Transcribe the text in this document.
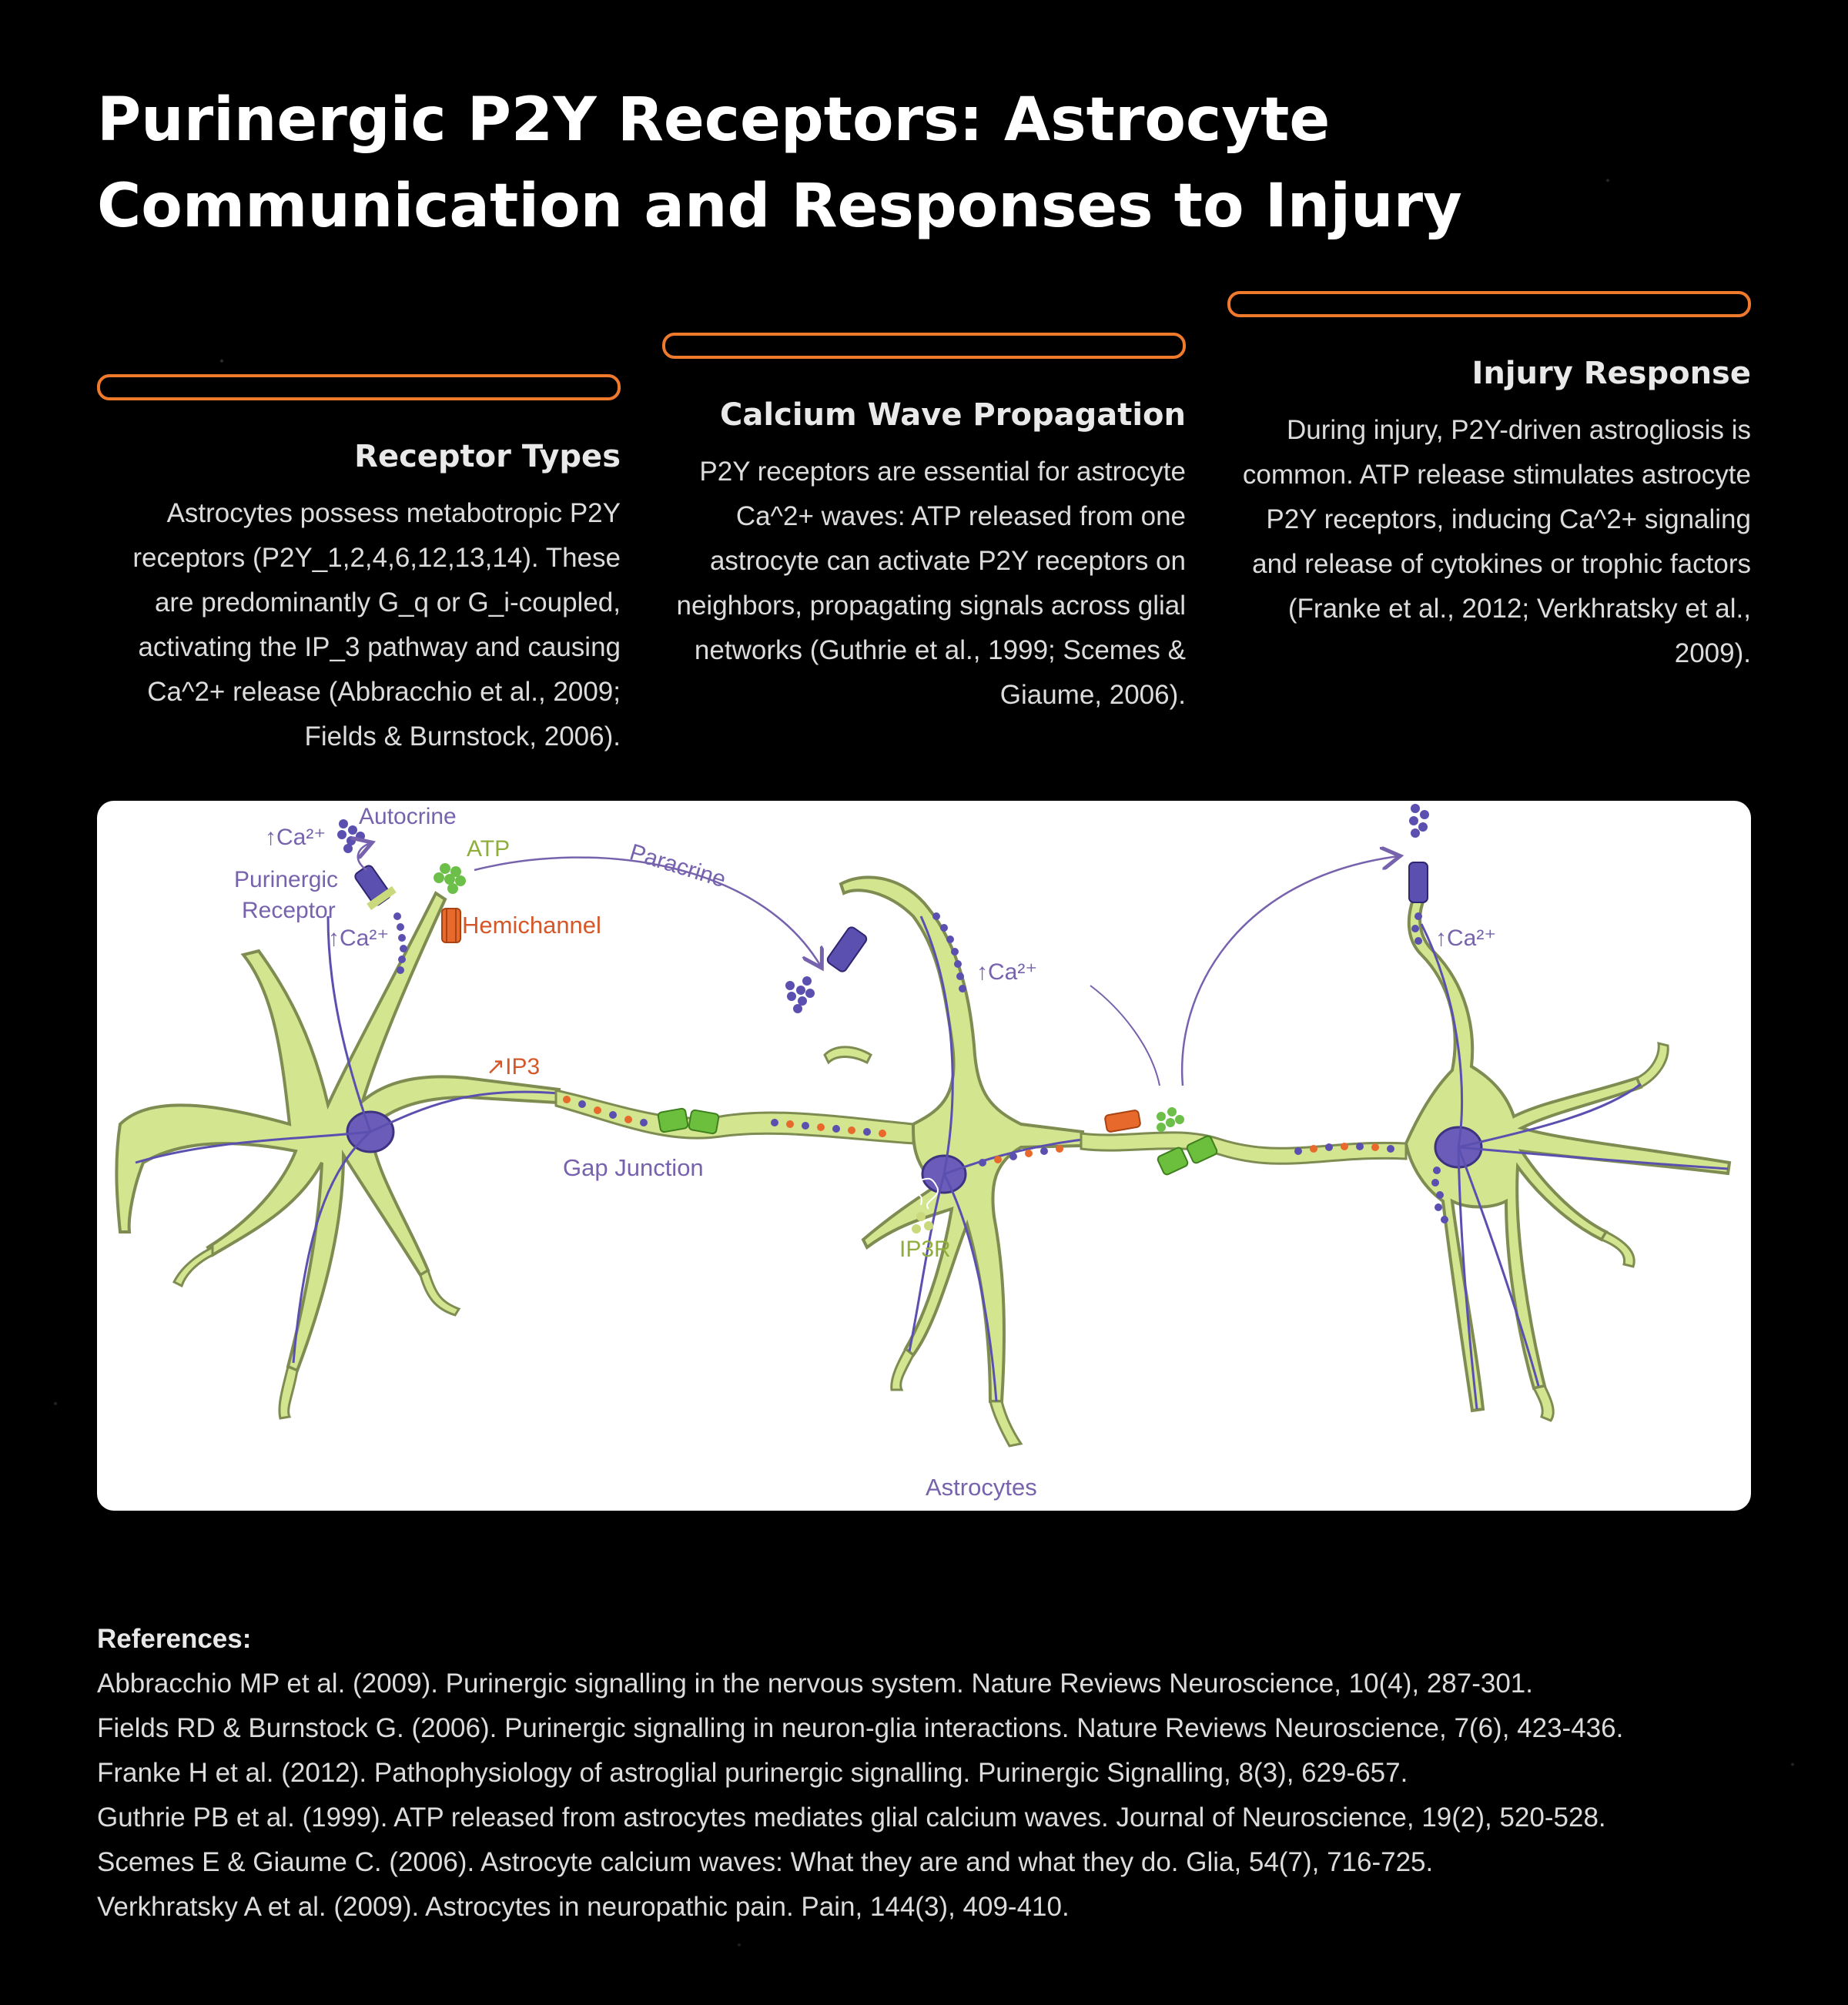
Purinergic P2Y Receptors: Astrocyte Communication and Responses to Injury
Receptor Types

Astrocytes possess metabotropic P2Y receptors (P2Y_1,2,4,6,12,13,14). These are predominantly G_q or G_i-coupled, activating the IP_3 pathway and causing Ca^2+ release (Abbracchio et al., 2009; Fields & Burnstock, 2006).

Calcium Wave Propagation

P2Y receptors are essential for astrocyte Ca^2+ waves: ATP released from one astrocyte can activate P2Y receptors on neighbors, propagating signals across glial networks (Guthrie et al., 1999; Scemes & Giaume, 2006).

Injury Response

During injury, P2Y-driven astrogliosis is common. ATP release stimulates astrocyte P2Y receptors, inducing Ca^2+ signaling and release of cytokines or trophic factors (Franke et al., 2012; Verkhratsky et al., 2009).

↑Ca²⁺
Autocrine
ATP
Purinergic
Receptor
Hemichannel
↑Ca²⁺
Paracrine
↗IP3
Gap Junction
↑Ca²⁺
IP3R
↑Ca²⁺
Astrocytes
References:
Abbracchio MP et al. (2009). Purinergic signalling in the nervous system. Nature Reviews Neuroscience, 10(4), 287-301.
Fields RD & Burnstock G. (2006). Purinergic signalling in neuron-glia interactions. Nature Reviews Neuroscience, 7(6), 423-436.
Franke H et al. (2012). Pathophysiology of astroglial purinergic signalling. Purinergic Signalling, 8(3), 629-657.
Guthrie PB et al. (1999). ATP released from astrocytes mediates glial calcium waves. Journal of Neuroscience, 19(2), 520-528.
Scemes E & Giaume C. (2006). Astrocyte calcium waves: What they are and what they do. Glia, 54(7), 716-725.
Verkhratsky A et al. (2009). Astrocytes in neuropathic pain. Pain, 144(3), 409-410.
